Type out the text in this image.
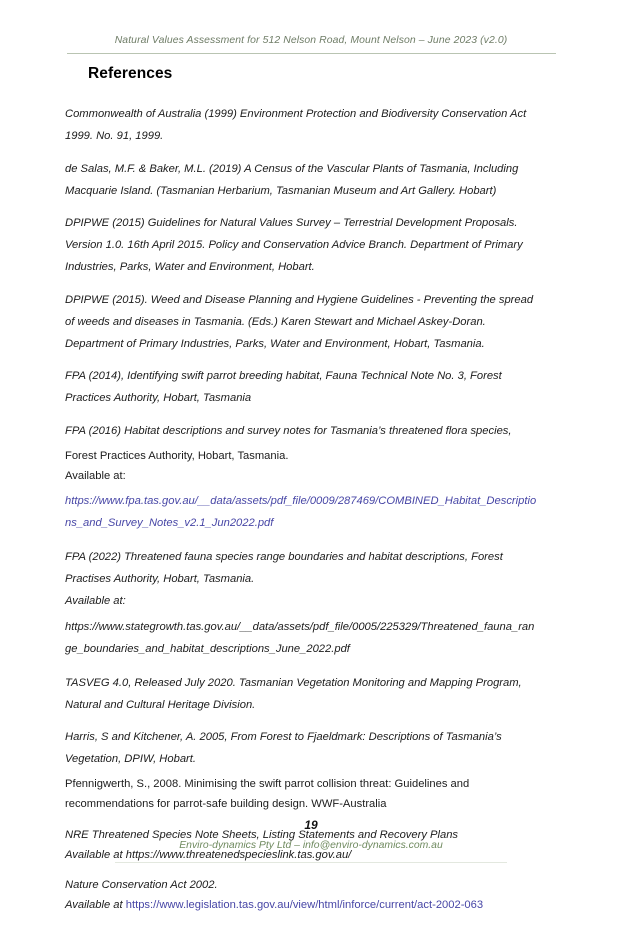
Natural Values Assessment for 512 Nelson Road, Mount Nelson – June 2023 (v2.0)
References

Commonwealth of Australia (1999) Environment Protection and Biodiversity Conservation Act
1999. No. 91, 1999.

de Salas, M.F. & Baker, M.L. (2019) A Census of the Vascular Plants of Tasmania, Including
Macquarie Island. (Tasmanian Herbarium, Tasmanian Museum and Art Gallery. Hobart)

DPIPWE (2015) Guidelines for Natural Values Survey – Terrestrial Development Proposals.
Version 1.0. 16th April 2015. Policy and Conservation Advice Branch. Department of Primary
Industries, Parks, Water and Environment, Hobart.

DPIPWE (2015). Weed and Disease Planning and Hygiene Guidelines - Preventing the spread
of weeds and diseases in Tasmania. (Eds.) Karen Stewart and Michael Askey-Doran.
Department of Primary Industries, Parks, Water and Environment, Hobart, Tasmania.

FPA (2014), Identifying swift parrot breeding habitat, Fauna Technical Note No. 3, Forest
Practices Authority, Hobart, Tasmania

FPA (2016) Habitat descriptions and survey notes for Tasmania’s threatened flora species,

Forest Practices Authority, Hobart, Tasmania.
Available at:

https://www.fpa.tas.gov.au/__data/assets/pdf_file/0009/287469/COMBINED_Habitat_Descriptio
ns_and_Survey_Notes_v2.1_Jun2022.pdf

FPA (2022) Threatened fauna species range boundaries and habitat descriptions, Forest
Practises Authority, Hobart, Tasmania.
Available at:

https://www.stategrowth.tas.gov.au/__data/assets/pdf_file/0005/225329/Threatened_fauna_ran
ge_boundaries_and_habitat_descriptions_June_2022.pdf

TASVEG 4.0, Released July 2020. Tasmanian Vegetation Monitoring and Mapping Program,
Natural and Cultural Heritage Division.

Harris, S and Kitchener, A. 2005, From Forest to Fjaeldmark: Descriptions of Tasmania’s
Vegetation, DPIW, Hobart.

Pfennigwerth, S., 2008. Minimising the swift parrot collision threat: Guidelines and
recommendations for parrot-safe building design. WWF-Australia

NRE Threatened Species Note Sheets, Listing Statements and Recovery Plans
Available at https://www.threatenedspecieslink.tas.gov.au/

Nature Conservation Act 2002.
Available at https://www.legislation.tas.gov.au/view/html/inforce/current/act-2002-063

19
Enviro-dynamics Pty Ltd – info@enviro-dynamics.com.au
